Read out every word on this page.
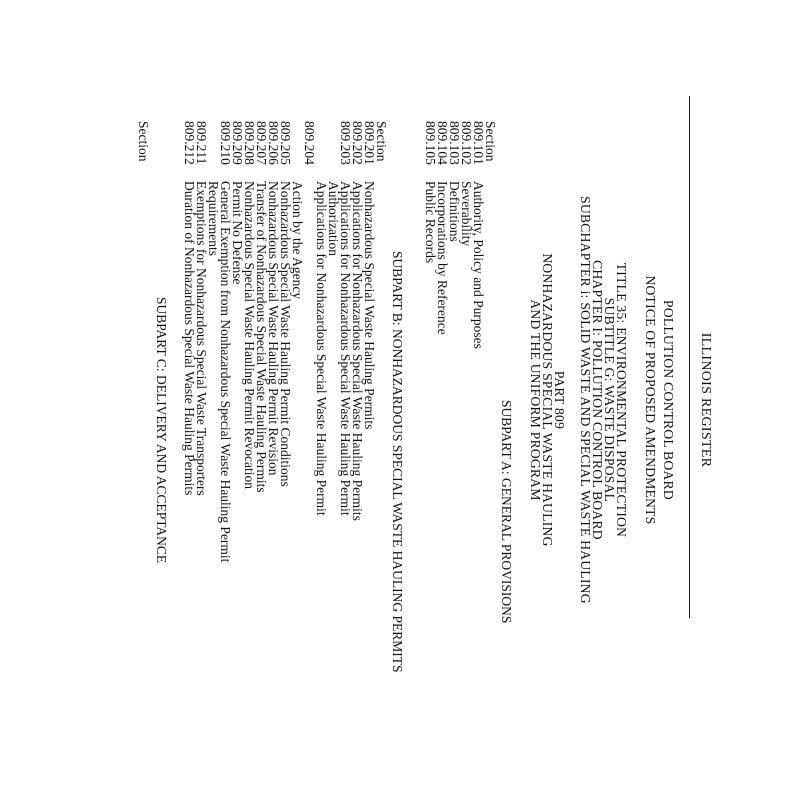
ILLINOIS REGISTER
POLLUTION CONTROL BOARD
NOTICE OF PROPOSED AMENDMENTS
TITLE 35: ENVIRONMENTAL PROTECTION
SUBTITLE G: WASTE DISPOSAL
CHAPTER I: POLLUTION CONTROL BOARD
SUBCHAPTER i: SOLID WASTE AND SPECIAL WASTE HAULING
PART 809
NONHAZARDOUS SPECIAL WASTE HAULING
AND THE UNIFORM PROGRAM
SUBPART A: GENERAL PROVISIONS
Section
809.101
Authority, Policy and Purposes
809.102
Severability
809.103
Definitions
809.104
Incorporations by Reference
809.105
Public Records
SUBPART B: NONHAZARDOUS SPECIAL WASTE HAULING PERMITS
Section
809.201
Nonhazardous Special Waste Hauling Permits
809.202
Applications for Nonhazardous Special Waste Hauling Permits
809.203
Applications for Nonhazardous Special Waste Hauling Permit
Authorization
809.204
Applications for Nonhazardous Special Waste Hauling Permit
809.205
Action by the Agency
809.206
Nonhazardous Special Waste Hauling Permit Conditions
809.207
Nonhazardous Special Waste Hauling Permit Revision
809.208
Transfer of Nonhazardous Special Waste Hauling Permits
809.209
Nonhazardous Special Waste Hauling Permit Revocation
809.210
Permit No Defense
General Exemption from Nonhazardous Special Waste Hauling Permit
Requirements
809.211
Exemptions for Nonhazardous Special Waste Transporters
809.212
Duration of Nonhazardous Special Waste Hauling Permits
SUBPART C: DELIVERY AND ACCEPTANCE
Section
